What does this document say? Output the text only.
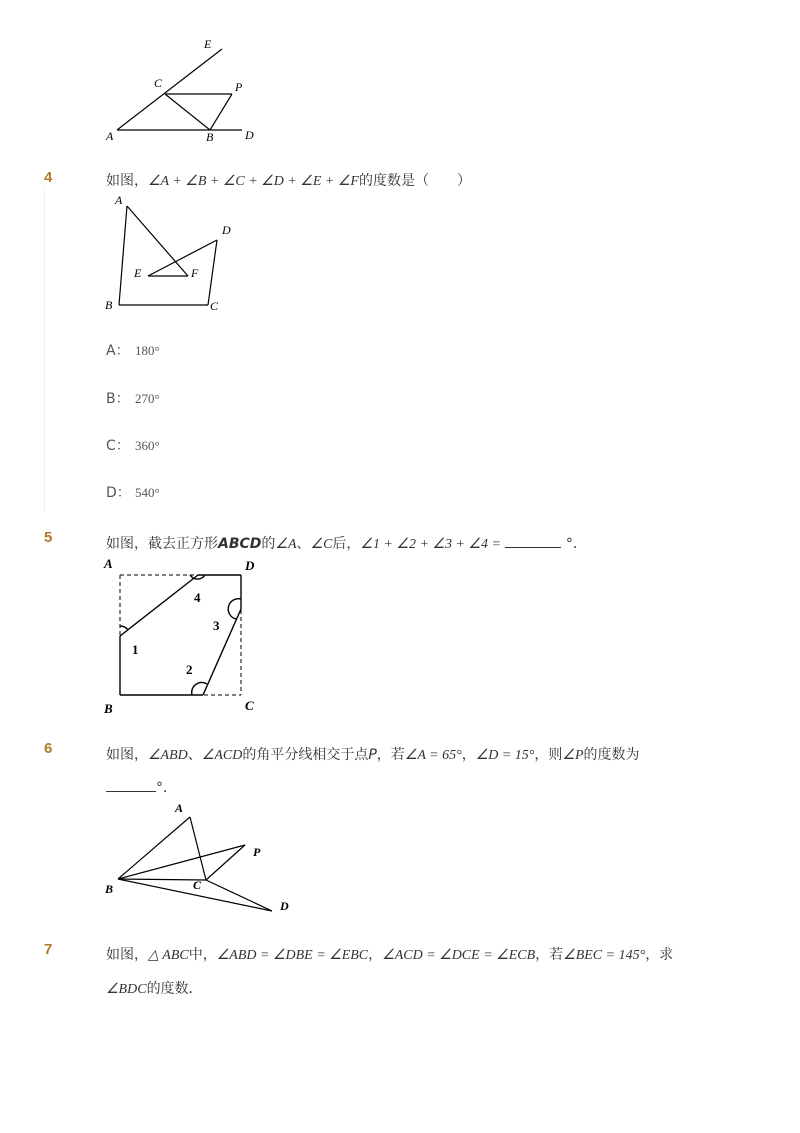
E
C	P
A	B	D
4	如图，∠A + ∠B + ∠C + ∠D + ∠E + ∠F的度数是（　　）
A
D
E	F
B	C
A： 180°
B： 270°
C： 360°
D： 540°
5	如图，截去正方形ABCD的∠A、∠C后，∠1 + ∠2 + ∠3 + ∠4 =	°．
A	D
B	C
1
2
3
4
6	如图，∠ABD、∠ACD的角平分线相交于点P，若∠A = 65°，∠D = 15°，则∠P的度数为
°．
A
P
B	C
D
7	如图，△ ABC中，∠ABD = ∠DBE = ∠EBC，∠ACD = ∠DCE = ∠ECB，若∠BEC = 145°，求
∠BDC的度数．
